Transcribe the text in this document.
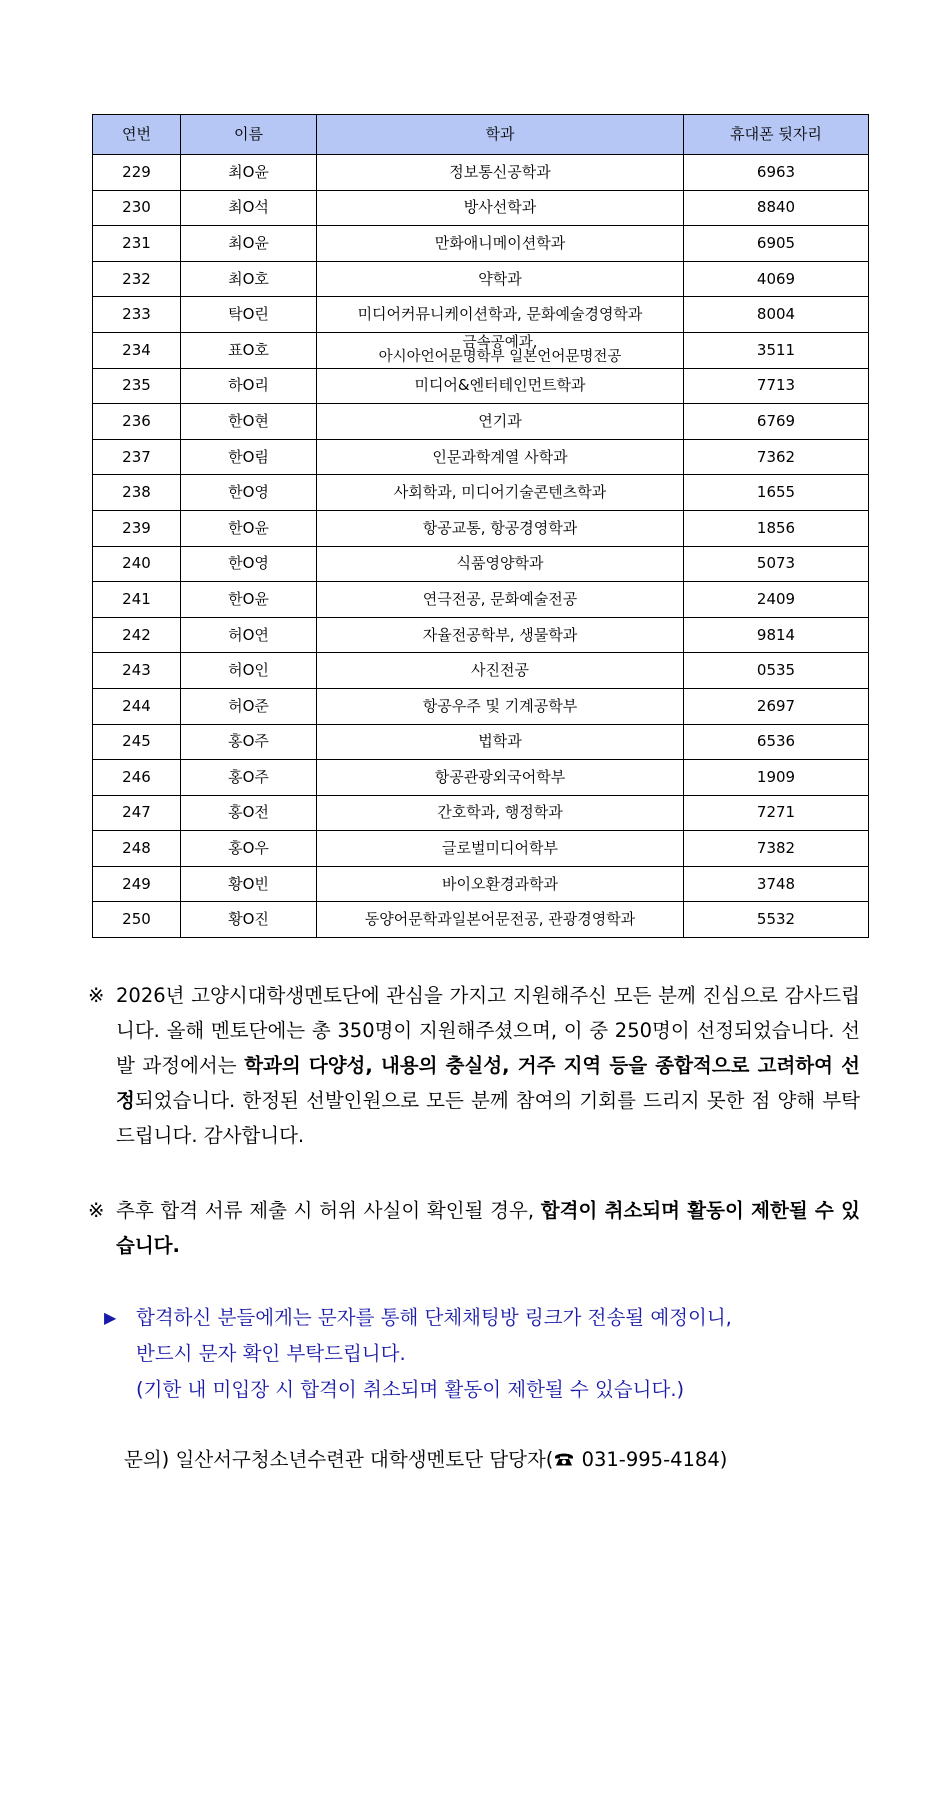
연번	이름	학과	휴대폰 뒷자리
229	최O윤	정보통신공학과	6963
230	최O석	방사선학과	8840
231	최O윤	만화애니메이션학과	6905
232	최O호	약학과	4069
233	탁O린	미디어커뮤니케이션학과, 문화예술경영학과	8004
234	표O호	금속공예과,
아시아언어문명학부 일본언어문명전공	3511
235	하O리	미디어&엔터테인먼트학과	7713
236	한O현	연기과	6769
237	한O림	인문과학계열 사학과	7362
238	한O영	사회학과, 미디어기술콘텐츠학과	1655
239	한O윤	항공교통, 항공경영학과	1856
240	한O영	식품영양학과	5073
241	한O윤	연극전공, 문화예술전공	2409
242	허O연	자율전공학부, 생물학과	9814
243	허O인	사진전공	0535
244	허O준	항공우주 및 기계공학부	2697
245	홍O주	법학과	6536
246	홍O주	항공관광외국어학부	1909
247	홍O전	간호학과, 행정학과	7271
248	홍O우	글로벌미디어학부	7382
249	황O빈	바이오환경과학과	3748
250	황O진	동양어문학과일본어문전공, 관광경영학과	5532
※ 2026년 고양시대학생멘토단에 관심을 가지고 지원해주신 모든 분께 진심으로 감사드립니다. 올해 멘토단에는 총 350명이 지원해주셨으며, 이 중 250명이 선정되었습니다. 선발 과정에서는 학과의 다양성, 내용의 충실성, 거주 지역 등을 종합적으로 고려하여 선정되었습니다. 한정된 선발인원으로 모든 분께 참여의 기회를 드리지 못한 점 양해 부탁드립니다. 감사합니다.
※ 추후 합격 서류 제출 시 허위 사실이 확인될 경우, 합격이 취소되며 활동이 제한될 수 있습니다.
▶ 합격하신 분들에게는 문자를 통해 단체채팅방 링크가 전송될 예정이니,
반드시 문자 확인 부탁드립니다.
(기한 내 미입장 시 합격이 취소되며 활동이 제한될 수 있습니다.)
문의) 일산서구청소년수련관 대학생멘토단 담당자( 031-995-4184)
